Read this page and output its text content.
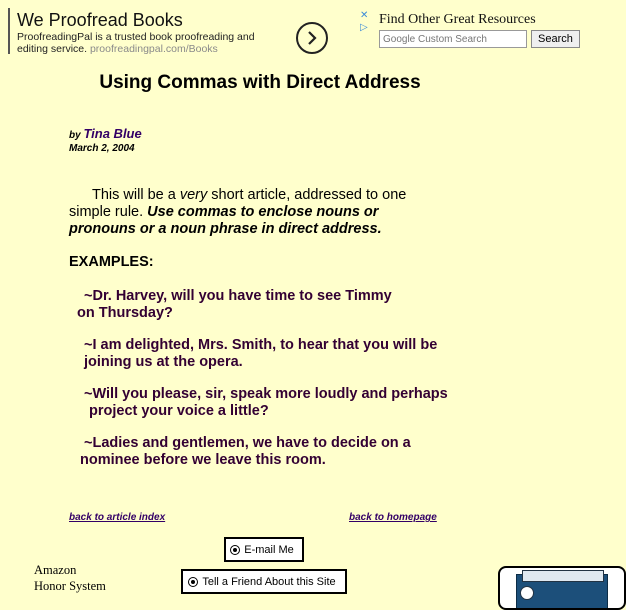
We Proofread Books
ProofreadingPal is a trusted book proofreading and editing service. proofreadingpal.com/Books
✕
▷
Find Other Great Resources
Google Custom Search
Search
Using Commas with Direct Address
by Tina Blue
March 2, 2004
This will be a very short article, addressed to one simple rule. Use commas to enclose nouns or pronouns or a noun phrase in direct address.
EXAMPLES:
~Dr. Harvey, will you have time to see Timmy
on Thursday?
~I am delighted, Mrs. Smith, to hear that you will be
joining us at the opera.
~Will you please, sir, speak more loudly and perhaps
project your voice a little?
~Ladies and gentlemen, we have to decide on a
nominee before we leave this room.
back to article index	back to homepage
E-mail Me
Tell a Friend About this Site
Amazon
Honor System
